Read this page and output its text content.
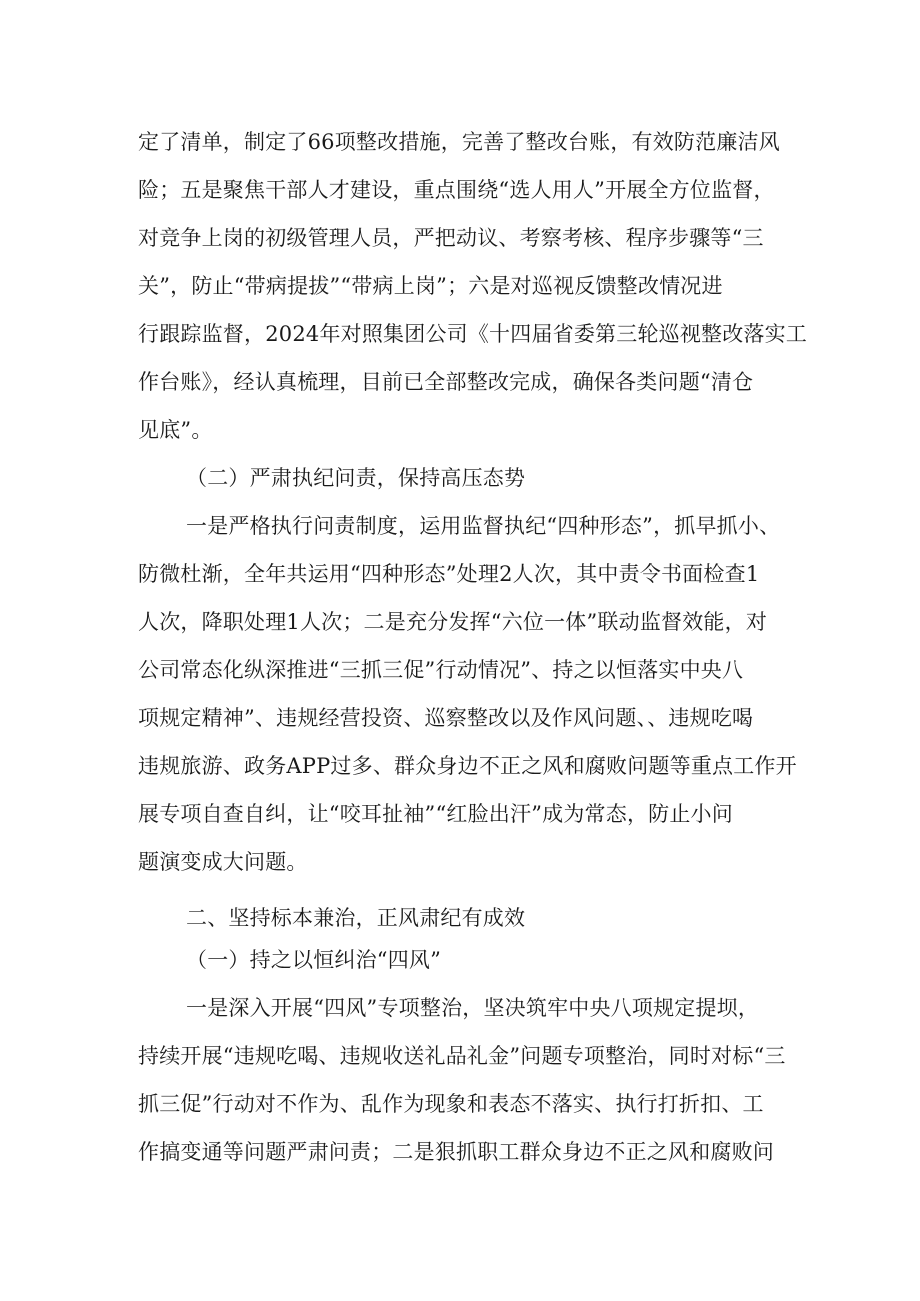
定了清单，制定了66项整改措施，完善了整改台账，有效防范廉洁风
险；五是聚焦干部人才建设，重点围绕“选人用人”开展全方位监督，
对竞争上岗的初级管理人员，严把动议、考察考核、程序步骤等“三
关”，防止“带病提拔”“带病上岗”；六是对巡视反馈整改情况进
行跟踪监督，2024年对照集团公司《十四届省委第三轮巡视整改落实工
作台账》，经认真梳理，目前已全部整改完成，确保各类问题“清仓
见底”。
（二）严肃执纪问责，保持高压态势
一是严格执行问责制度，运用监督执纪“四种形态”，抓早抓小、
防微杜渐，全年共运用“四种形态”处理2人次，其中责令书面检查1
人次，降职处理1人次；二是充分发挥“六位一体”联动监督效能，对
公司常态化纵深推进“三抓三促”行动情况”、持之以恒落实中央八
项规定精神”、违规经营投资、巡察整改以及作风问题、、违规吃喝
违规旅游、政务APP过多、群众身边不正之风和腐败问题等重点工作开
展专项自查自纠，让“咬耳扯袖”“红脸出汗”成为常态，防止小问
题演变成大问题。
二、坚持标本兼治，正风肃纪有成效
（一）持之以恒纠治“四风”
一是深入开展“四风”专项整治，坚决筑牢中央八项规定提坝，
持续开展“违规吃喝、违规收送礼品礼金”问题专项整治，同时对标“三
抓三促”行动对不作为、乱作为现象和表态不落实、执行打折扣、工
作搞变通等问题严肃问责；二是狠抓职工群众身边不正之风和腐败问
